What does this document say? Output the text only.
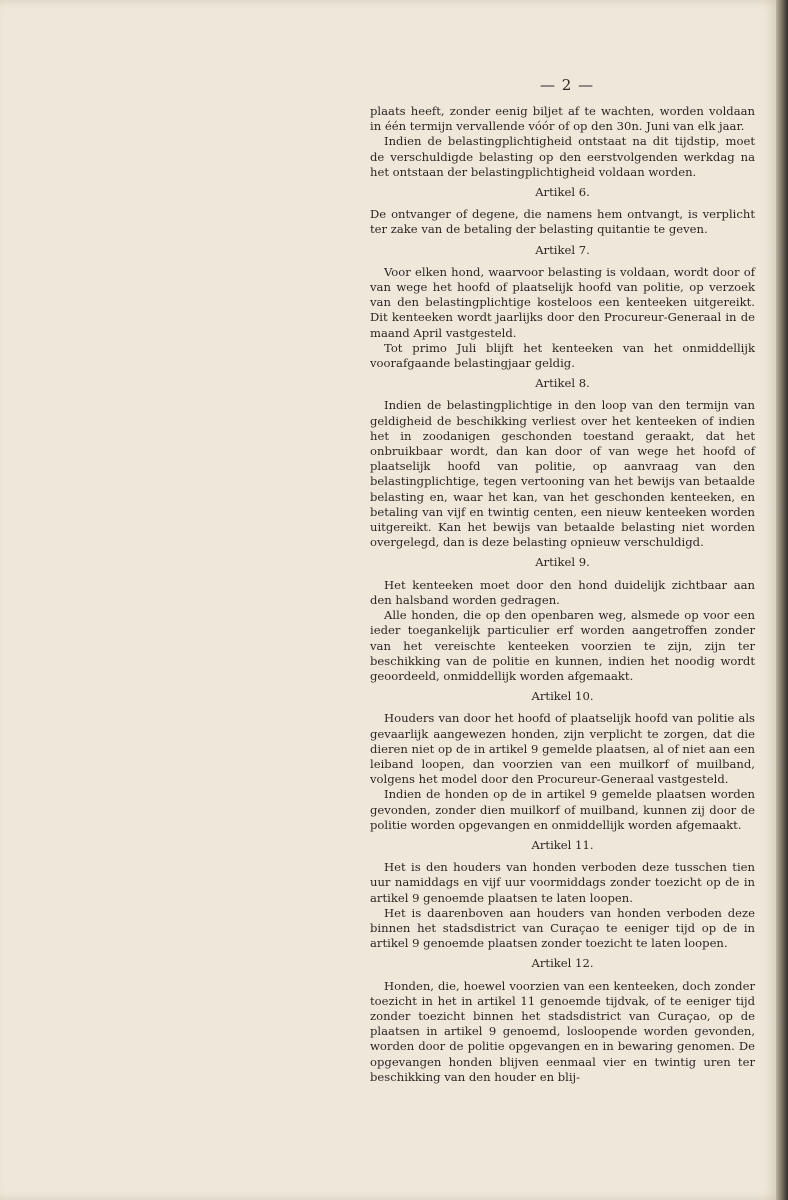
— 2 —

plaats heeft, zonder eenig biljet af te wachten, worden voldaan in één termijn vervallende vóór of op den 30n. Juni van elk jaar.

Indien de belastingplichtigheid ontstaat na dit tijdstip, moet de verschuldigde belasting op den eerstvolgenden werkdag na het ontstaan der belastingplichtigheid voldaan worden.

Artikel 6.

De ontvanger of degene, die namens hem ontvangt, is verplicht ter zake van de betaling der belasting quitantie te geven.

Artikel 7.

Voor elken hond, waarvoor belasting is voldaan, wordt door of van wege het hoofd of plaatselijk hoofd van politie, op verzoek van den belastingplichtige kosteloos een kenteeken uitgereikt. Dit kenteeken wordt jaarlijks door den Procureur-Generaal in de maand April vastgesteld.

Tot primo Juli blijft het kenteeken van het onmiddellijk voorafgaande belastingjaar geldig.

Artikel 8.

Indien de belastingplichtige in den loop van den termijn van geldigheid de beschikking verliest over het kenteeken of indien het in zoodanigen geschonden toestand geraakt, dat het onbruikbaar wordt, dan kan door of van wege het hoofd of plaatselijk hoofd van politie, op aanvraag van den belastingplichtige, tegen vertooning van het bewijs van betaalde belasting en, waar het kan, van het geschonden kenteeken, en betaling van vijf en twintig centen, een nieuw kenteeken worden uitgereikt. Kan het bewijs van betaalde belasting niet worden overgelegd, dan is deze belasting opnieuw verschuldigd.

Artikel 9.

Het kenteeken moet door den hond duidelijk zichtbaar aan den halsband worden gedragen.

Alle honden, die op den openbaren weg, alsmede op voor een ieder toegankelijk particulier erf worden aangetroffen zonder van het vereischte kenteeken voorzien te zijn, zijn ter beschikking van de politie en kunnen, indien het noodig wordt geoordeeld, onmiddellijk worden afgemaakt.

Artikel 10.

Houders van door het hoofd of plaatselijk hoofd van politie als gevaarlijk aangewezen honden, zijn verplicht te zorgen, dat die dieren niet op de in artikel 9 gemelde plaatsen, al of niet aan een leiband loopen, dan voorzien van een muilkorf of muilband, volgens het model door den Procureur-Generaal vastgesteld.

Indien de honden op de in artikel 9 gemelde plaatsen worden gevonden, zonder dien muilkorf of muilband, kunnen zij door de politie worden opgevangen en onmiddellijk worden afgemaakt.

Artikel 11.

Het is den houders van honden verboden deze tusschen tien uur namiddags en vijf uur voormiddags zonder toezicht op de in artikel 9 genoemde plaatsen te laten loopen.

Het is daarenboven aan houders van honden verboden deze binnen het stadsdistrict van Curaçao te eeniger tijd op de in artikel 9 genoemde plaatsen zonder toezicht te laten loopen.

Artikel 12.

Honden, die, hoewel voorzien van een kenteeken, doch zonder toezicht in het in artikel 11 genoemde tijdvak, of te eeniger tijd zonder toezicht binnen het stadsdistrict van Curaçao, op de plaatsen in artikel 9 genoemd, losloopende worden gevonden, worden door de politie opgevangen en in bewaring genomen. De opgevangen honden blijven eenmaal vier en twintig uren ter beschikking van den houder en blij-
